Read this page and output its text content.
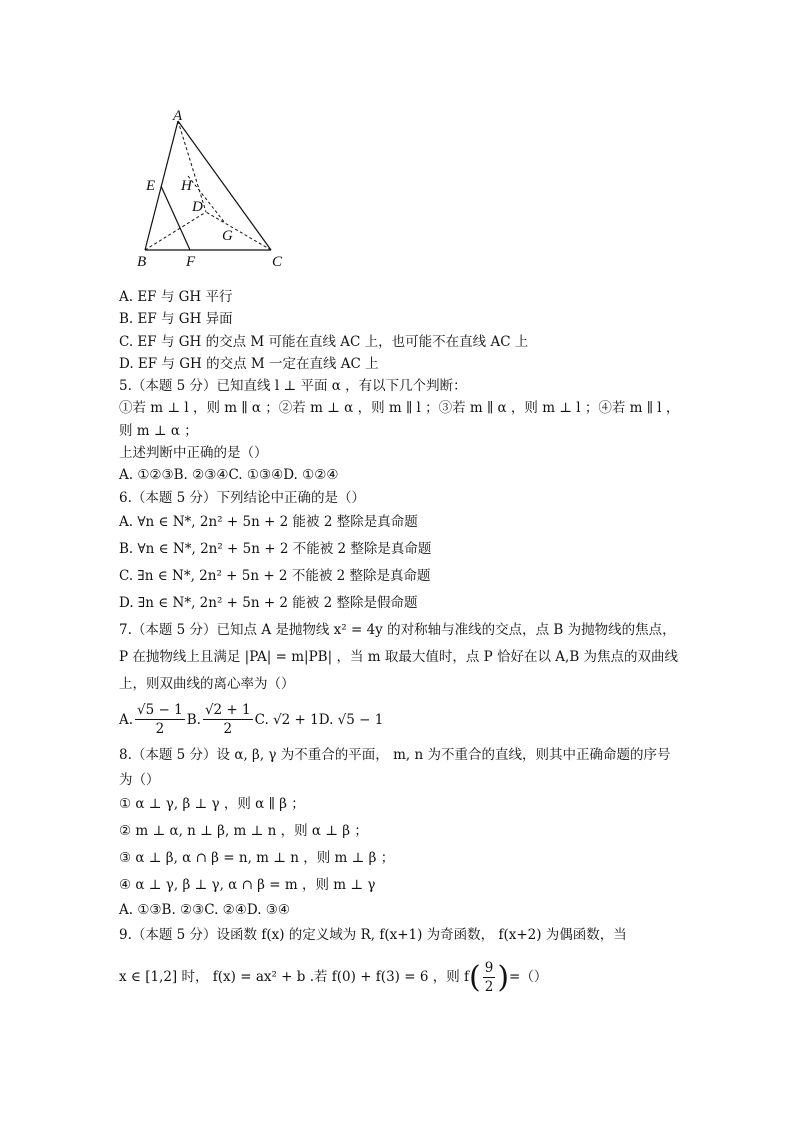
A
E H
D
G
B	F	C
A. EF 与 GH 平行
B. EF 与 GH 异面
C. EF 与 GH 的交点 M 可能在直线 AC 上，也可能不在直线 AC 上
D. EF 与 GH 的交点 M 一定在直线 AC 上
5.（本题 5 分）已知直线 l ⊥ 平面 α ，有以下几个判断：
①若 m ⊥ l ，则 m ∥ α ；②若 m ⊥ α ，则 m ∥ l ；③若 m ∥ α ，则 m ⊥ l ；④若 m ∥ l ，
则 m ⊥ α ；
上述判断中正确的是（）
A. ①②③B. ②③④C. ①③④D. ①②④
6.（本题 5 分）下列结论中正确的是（）
A. ∀n ∈ N*, 2n² + 5n + 2 能被 2 整除是真命题
B. ∀n ∈ N*, 2n² + 5n + 2 不能被 2 整除是真命题
C. ∃n ∈ N*, 2n² + 5n + 2 不能被 2 整除是真命题
D. ∃n ∈ N*, 2n² + 5n + 2 能被 2 整除是假命题
7.（本题 5 分）已知点 A 是抛物线 x² = 4y 的对称轴与准线的交点，点 B 为抛物线的焦点，
P 在抛物线上且满足 |PA| = m|PB| ，当 m 取最大值时，点 P 恰好在以 A,B 为焦点的双曲线
上，则双曲线的离心率为（）
A. $\frac{√5 - 1}{2} B$. $\frac{√2 + 1}{2} C$. √2 + 1D. √5 − 1
8.（本题 5 分）设 α, β, γ 为不重合的平面， m, n 为不重合的直线，则其中正确命题的序号
为（）
① α ⊥ γ, β ⊥ γ ，则 α ∥ β ；
② m ⊥ α, n ⊥ β, m ⊥ n ，则 α ⊥ β ；
③ α ⊥ β, α ∩ β = n, m ⊥ n ，则 m ⊥ β ；
④ α ⊥ γ, β ⊥ γ, α ∩ β = m ，则 m ⊥ γ
A. ①③B. ②③C. ②④D. ③④
9.（本题 5 分）设函数 f(x) 的定义域为 R, f(x+1) 为奇函数， f(x+2) 为偶函数，当
x ∈ [1,2] 时， f(x) = ax² + b .若 f(0) + f(3) = 6 ，则 f ( $\frac{9}{2}$ ) =（）
